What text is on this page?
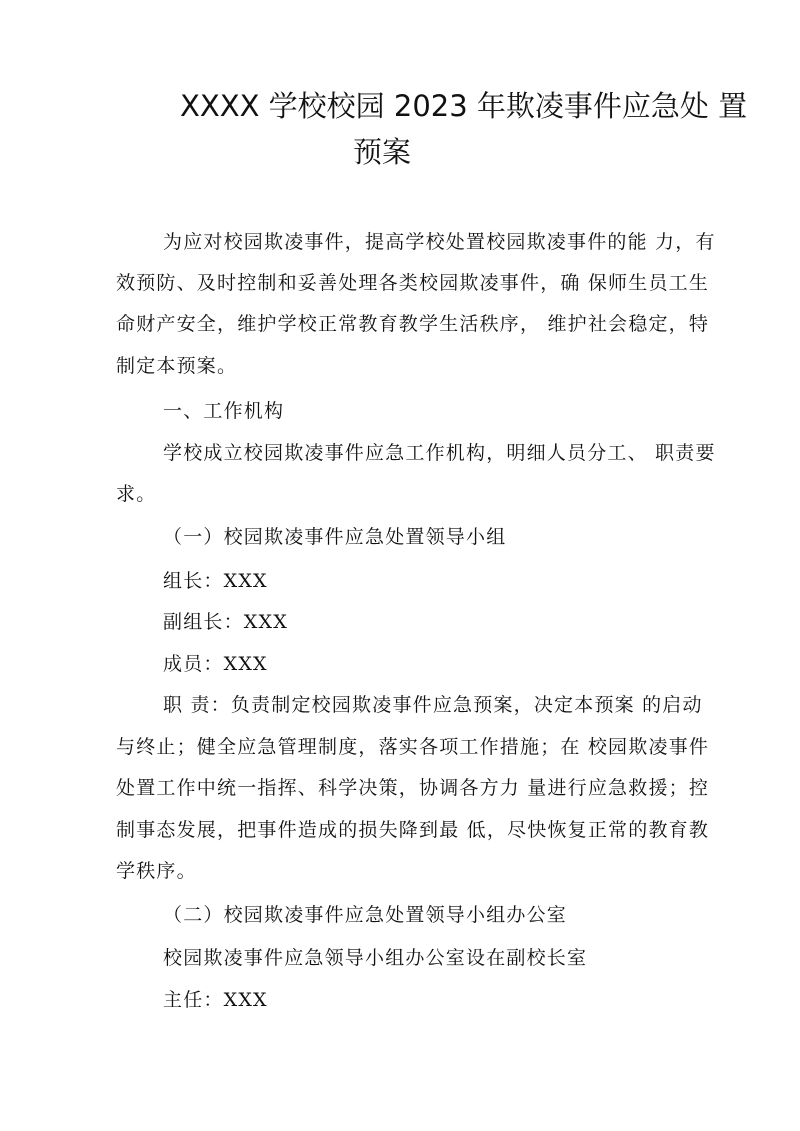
XXXX 学校校园 2023 年欺凌事件应急处 置
预案
为应对校园欺凌事件，提高学校处置校园欺凌事件的能 力，有
效预防、及时控制和妥善处理各类校园欺凌事件，确 保师生员工生
命财产安全，维护学校正常教育教学生活秩序， 维护社会稳定，特
制定本预案。
一、工作机构
学校成立校园欺凌事件应急工作机构，明细人员分工、 职责要
求。
（一）校园欺凌事件应急处置领导小组
组长：XXX
副组长：XXX
成员：XXX
职 责：负责制定校园欺凌事件应急预案，决定本预案 的启动
与终止；健全应急管理制度，落实各项工作措施；在 校园欺凌事件
处置工作中统一指挥、科学决策，协调各方力 量进行应急救援；控
制事态发展，把事件造成的损失降到最 低，尽快恢复正常的教育教
学秩序。
（二）校园欺凌事件应急处置领导小组办公室
校园欺凌事件应急领导小组办公室设在副校长室
主任：XXX
